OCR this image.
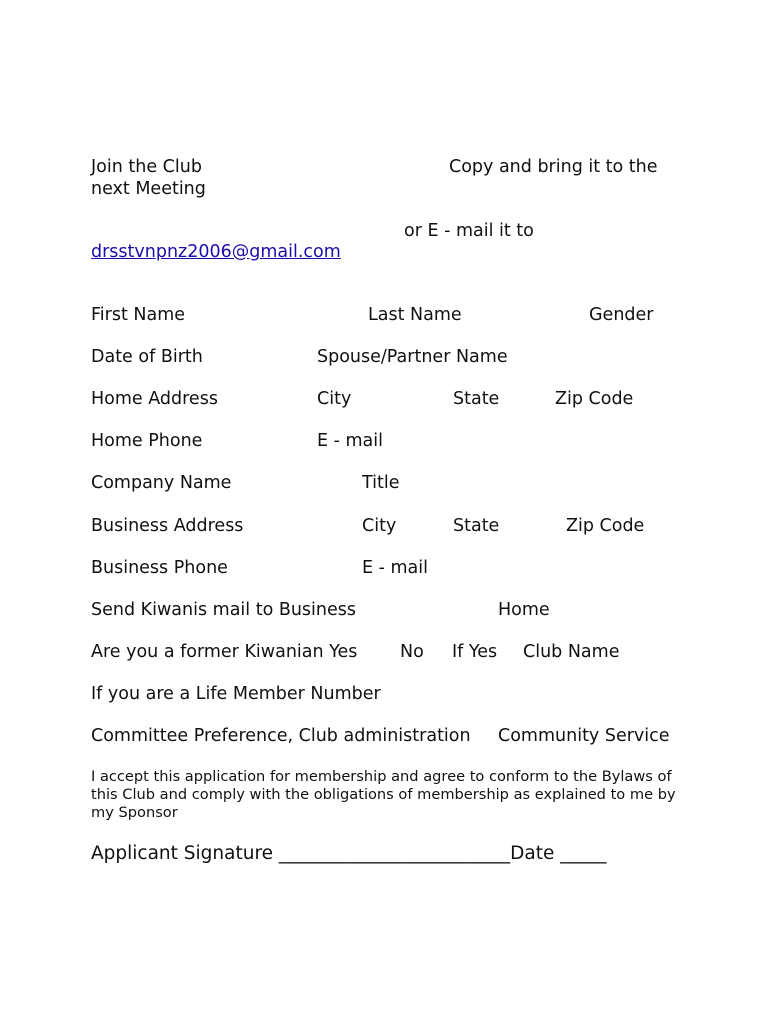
Join the Club	Copy and bring it to the
next Meeting
or E - mail it to
drsstvnpnz2006@gmail.com
First Name	Last Name	Gender
Date of Birth	Spouse/Partner Name
Home Address	City	State	Zip Code
Home Phone	E - mail
Company Name	Title
Business Address	City	State	Zip Code
Business Phone	E - mail
Send Kiwanis mail to Business	Home
Are you a former Kiwanian Yes No If Yes Club Name
If you are a Life Member Number
Committee Preference, Club administration Community Service
I accept this application for membership and agree to conform to the Bylaws of this Club and comply with the obligations of membership as explained to me by my Sponsor
Applicant Signature _________________________Date _____
